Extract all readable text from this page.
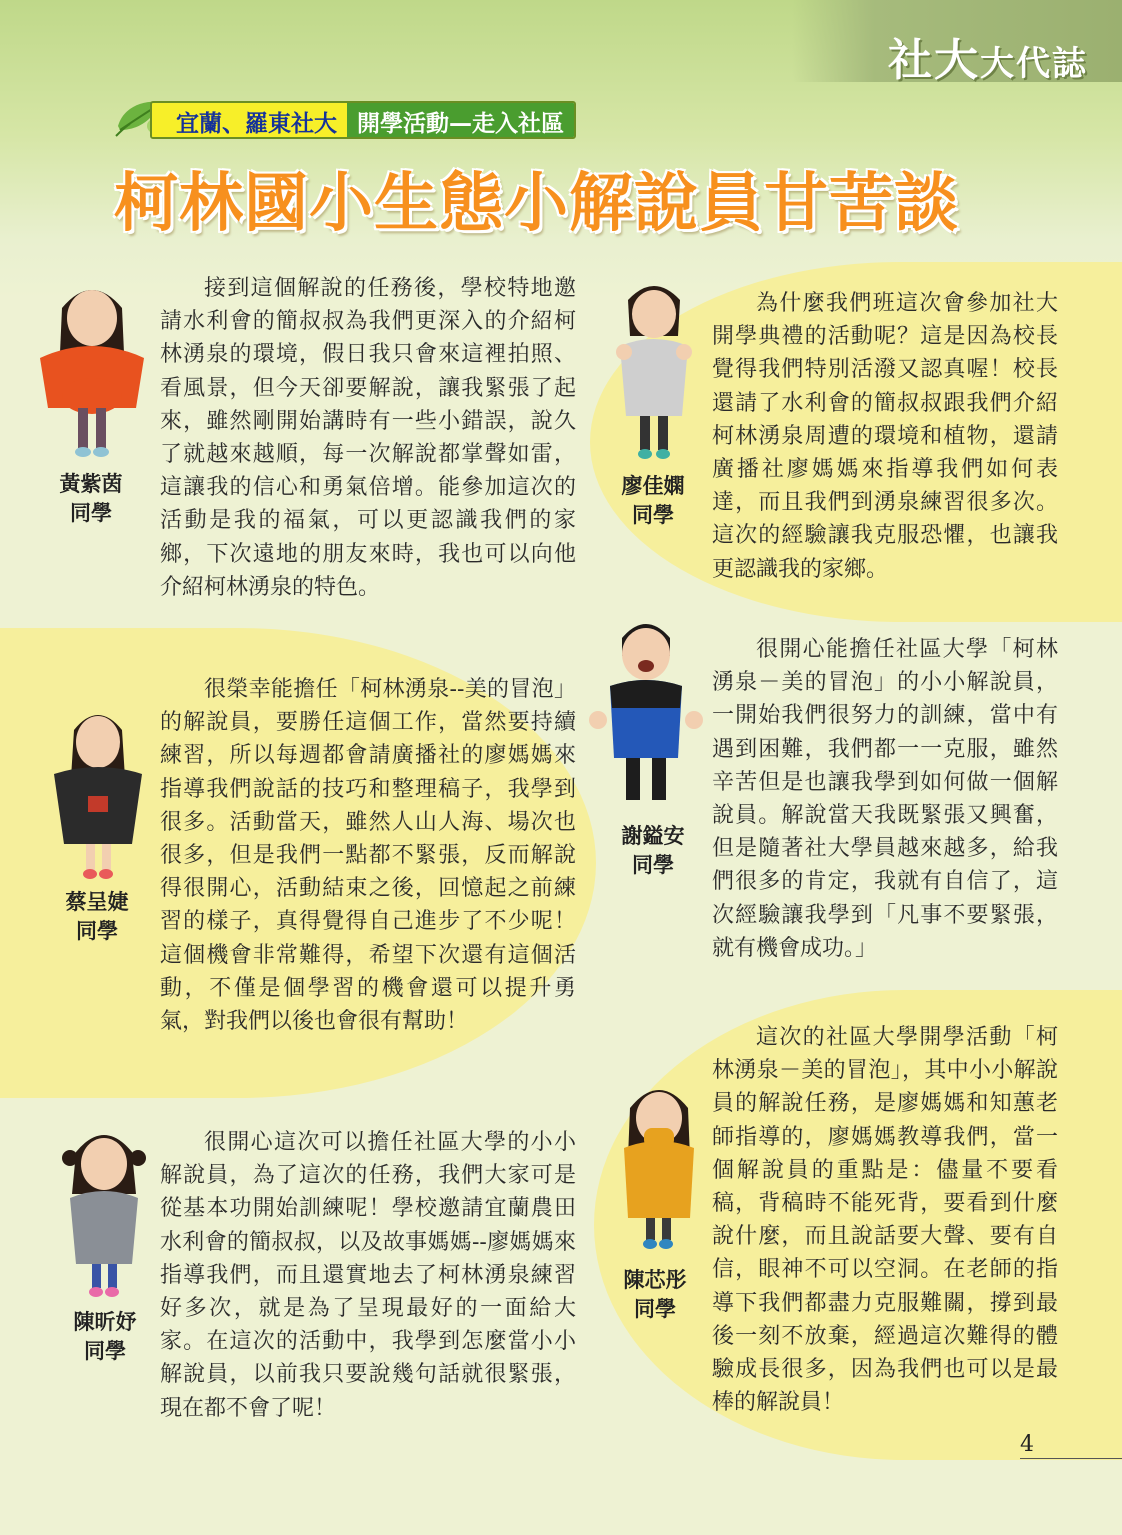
社大大代誌
宜蘭、羅東社大 開學活動—走入社區
柯林國小生態小解說員甘苦談
黃紫茵
同學

接到這個解說的任務後，學校特地邀請水利會的簡叔叔為我們更深入的介紹柯林湧泉的環境，假日我只會來這裡拍照、看風景，但今天卻要解說，讓我緊張了起來，雖然剛開始講時有一些小錯誤，說久了就越來越順，每一次解說都掌聲如雷，這讓我的信心和勇氣倍增。能參加這次的活動是我的福氣，可以更認識我們的家鄉，下次遠地的朋友來時，我也可以向他介紹柯林湧泉的特色。

廖佳嫻
同學

為什麼我們班這次會參加社大開學典禮的活動呢？這是因為校長覺得我們特別活潑又認真喔！校長還請了水利會的簡叔叔跟我們介紹柯林湧泉周遭的環境和植物，還請廣播社廖媽媽來指導我們如何表達，而且我們到湧泉練習很多次。這次的經驗讓我克服恐懼，也讓我更認識我的家鄉。

蔡呈婕
同學

很榮幸能擔任「柯林湧泉--美的冒泡」的解說員，要勝任這個工作，當然要持續練習，所以每週都會請廣播社的廖媽媽來指導我們說話的技巧和整理稿子，我學到很多。活動當天，雖然人山人海、場次也很多，但是我們一點都不緊張，反而解說得很開心，活動結束之後，回憶起之前練習的樣子，真得覺得自己進步了不少呢！這個機會非常難得，希望下次還有這個活動，不僅是個學習的機會還可以提升勇氣，對我們以後也會很有幫助！

謝鎰安
同學

很開心能擔任社區大學「柯林湧泉－美的冒泡」的小小解說員，一開始我們很努力的訓練，當中有遇到困難，我們都一一克服，雖然辛苦但是也讓我學到如何做一個解說員。解說當天我既緊張又興奮，但是隨著社大學員越來越多，給我們很多的肯定，我就有自信了，這次經驗讓我學到「凡事不要緊張，就有機會成功。」

陳昕妤
同學

很開心這次可以擔任社區大學的小小解說員，為了這次的任務，我們大家可是從基本功開始訓練呢！學校邀請宜蘭農田水利會的簡叔叔，以及故事媽媽--廖媽媽來指導我們，而且還實地去了柯林湧泉練習好多次，就是為了呈現最好的一面給大家。在這次的活動中，我學到怎麼當小小解說員，以前我只要說幾句話就很緊張，現在都不會了呢！

陳芯彤
同學

這次的社區大學開學活動「柯林湧泉－美的冒泡」，其中小小解說員的解說任務，是廖媽媽和知蕙老師指導的，廖媽媽教導我們，當一個解說員的重點是：儘量不要看稿，背稿時不能死背，要看到什麼說什麼，而且說話要大聲、要有自信，眼神不可以空洞。在老師的指導下我們都盡力克服難關，撐到最後一刻不放棄，經過這次難得的體驗成長很多，因為我們也可以是最棒的解說員！

4
